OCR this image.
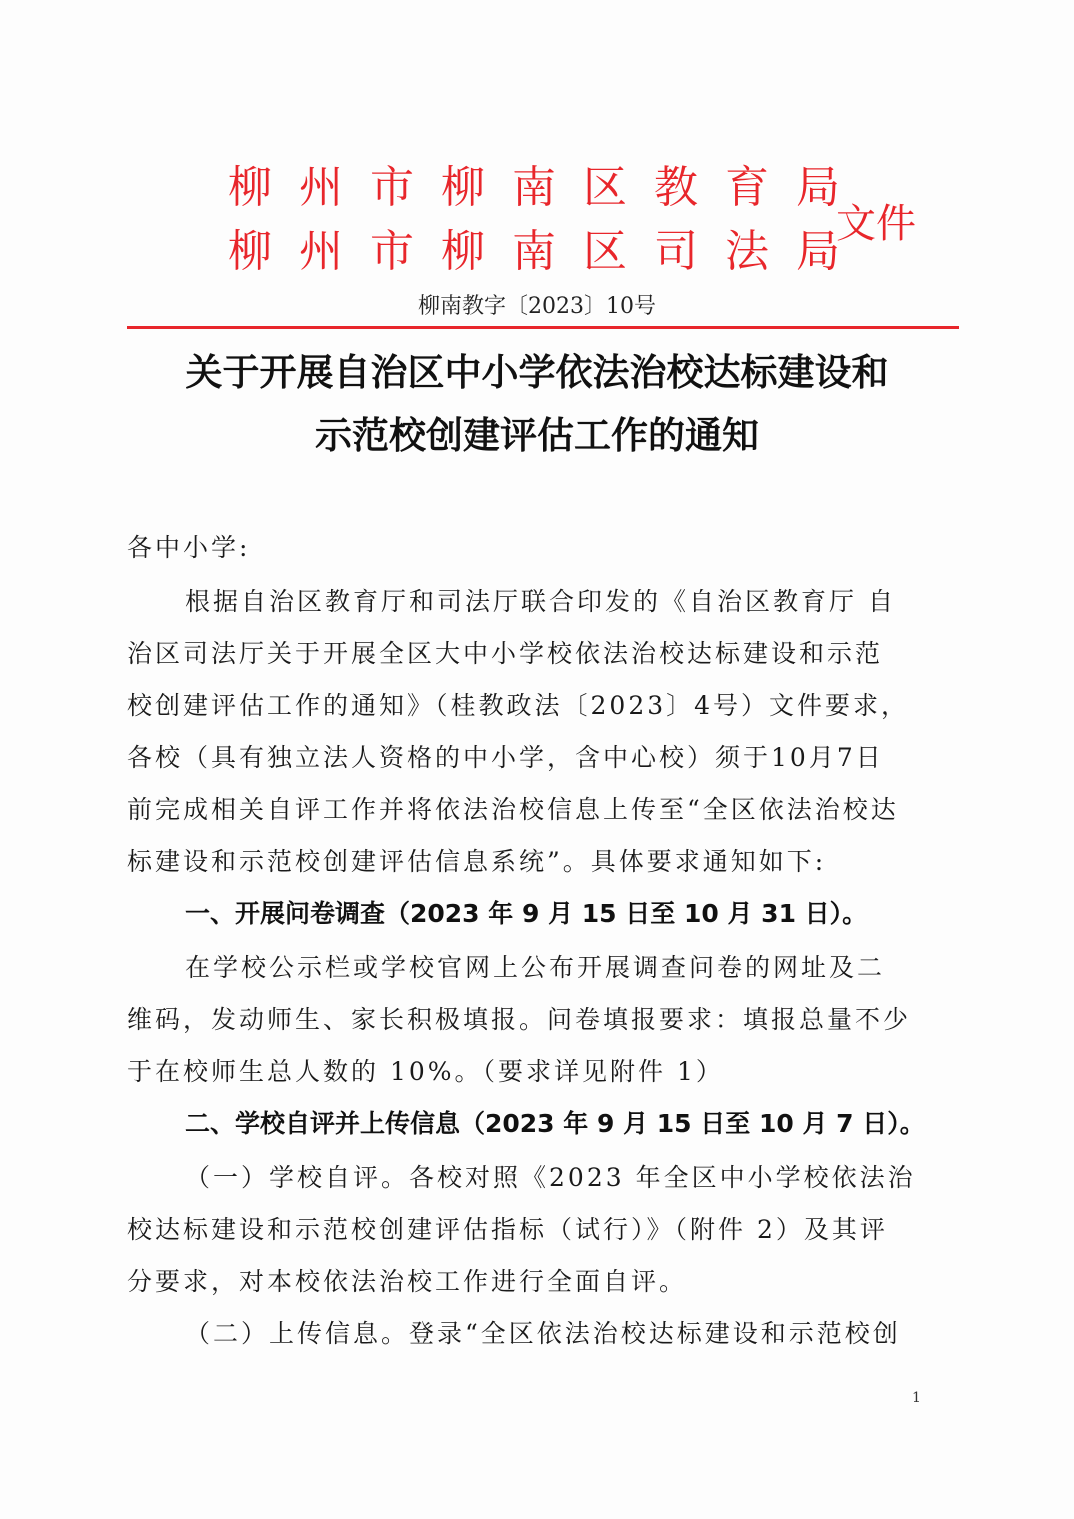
柳州市柳南区教育局
柳州市柳南区司法局
文件
柳南教字〔2023〕10号
关于开展自治区中小学依法治校达标建设和
示范校创建评估工作的通知
各中小学:
根据自治区教育厅和司法厅联合印发的《自治区教育厅 自
治区司法厅关于开展全区大中小学校依法治校达标建设和示范
校创建评估工作的通知》（桂教政法〔2023〕4号）文件要求，
各校（具有独立法人资格的中小学，含中心校）须于10月7日
前完成相关自评工作并将依法治校信息上传至“全区依法治校达
标建设和示范校创建评估信息系统”。具体要求通知如下:
一、开展问卷调查（2023 年 9 月 15 日至 10 月 31 日）。
在学校公示栏或学校官网上公布开展调查问卷的网址及二
维码，发动师生、家长积极填报。问卷填报要求：填报总量不少
于在校师生总人数的 10%。（要求详见附件 1）
二、学校自评并上传信息（2023 年 9 月 15 日至 10 月 7 日）。
（一）学校自评。各校对照《2023 年全区中小学校依法治
校达标建设和示范校创建评估指标（试行）》（附件 2）及其评
分要求，对本校依法治校工作进行全面自评。
（二）上传信息。登录“全区依法治校达标建设和示范校创
1
